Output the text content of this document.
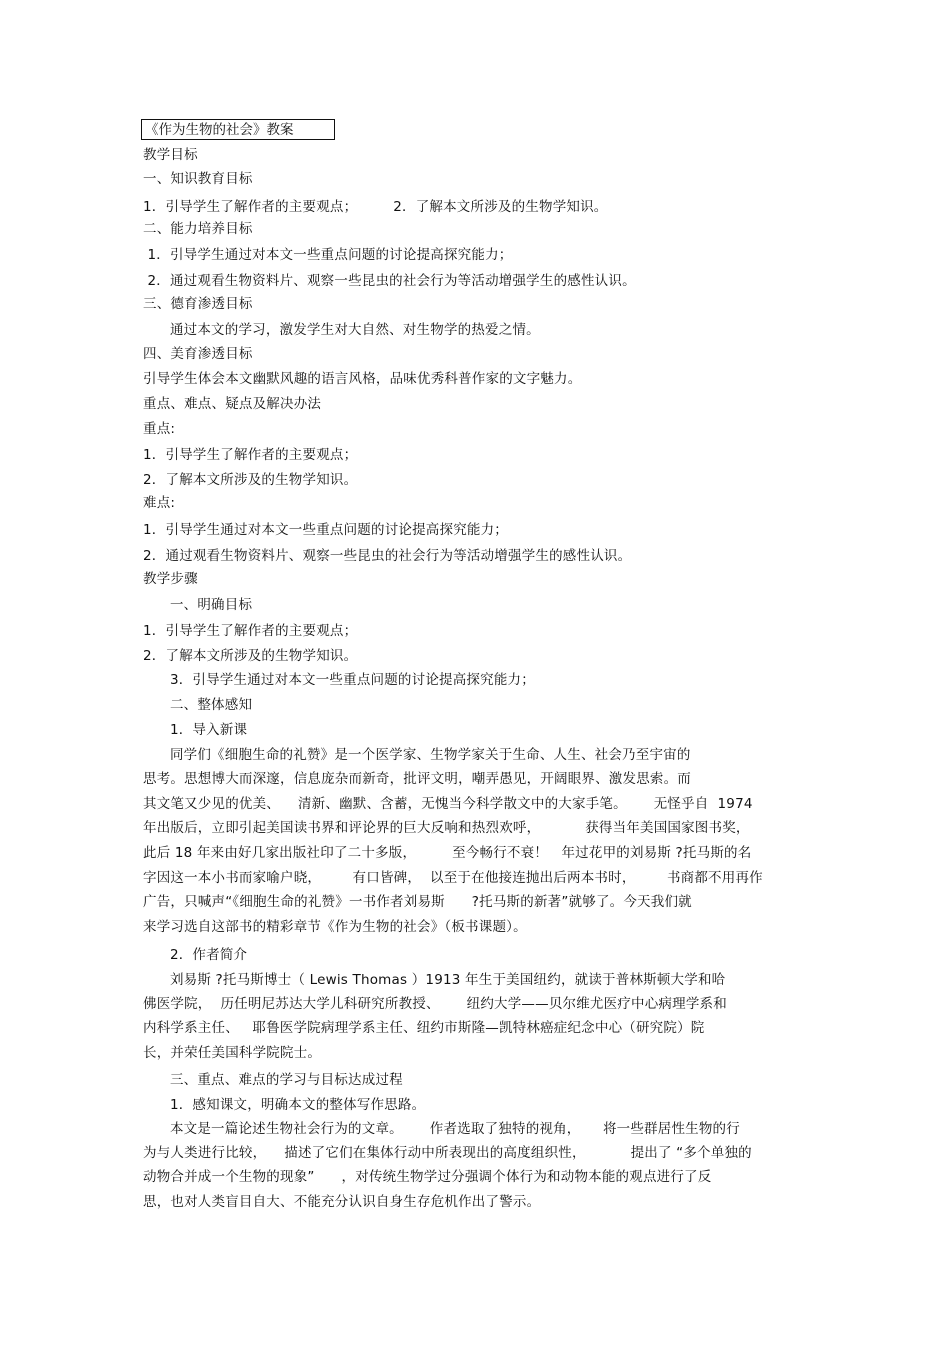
《作为生物的社会》教案
教学目标
一、知识教育目标
1．引导学生了解作者的主要观点；        2．了解本文所涉及的生物学知识。
二、能力培养目标
1．引导学生通过对本文一些重点问题的讨论提高探究能力；
2．通过观看生物资料片、观察一些昆虫的社会行为等活动增强学生的感性认识。
三、德育渗透目标
通过本文的学习，激发学生对大自然、对生物学的热爱之情。
四、美育渗透目标
引导学生体会本文幽默风趣的语言风格，品味优秀科普作家的文字魅力。
重点、难点、疑点及解决办法
重点:
1．引导学生了解作者的主要观点；
2．了解本文所涉及的生物学知识。
难点:
1．引导学生通过对本文一些重点问题的讨论提高探究能力；
2．通过观看生物资料片、观察一些昆虫的社会行为等活动增强学生的感性认识。
教学步骤
一、明确目标
1．引导学生了解作者的主要观点；
2．了解本文所涉及的生物学知识。
3．引导学生通过对本文一些重点问题的讨论提高探究能力；
二、整体感知
1．导入新课
同学们《细胞生命的礼赞》是一个医学家、生物学家关于生命、人生、社会乃至宇宙的
思考。思想博大而深邃，信息庞杂而新奇，批评文明，嘲弄愚见，开阔眼界、激发思索。而
其文笔又少见的优美、    清新、幽默、含蓄，无愧当今科学散文中的大家手笔。      无怪乎自  1974
年出版后，立即引起美国读书界和评论界的巨大反响和热烈欢呼，          获得当年美国国家图书奖，
此后 18 年来由好几家出版社印了二十多版，        至今畅行不衰！   年过花甲的刘易斯 ?托马斯的名
字因这一本小书而家喻户晓，       有口皆碑，  以至于在他接连抛出后两本书时，       书商都不用再作
广告，只喊声“《细胞生命的礼赞》一书作者刘易斯      ?托马斯的新著”就够了。今天我们就
来学习选自这部书的精彩章节《作为生物的社会》（板书课题）。
2．作者简介
刘易斯 ?托马斯博士（ Lewis Thomas ）1913 年生于美国纽约，就读于普林斯顿大学和哈
佛医学院，  历任明尼苏达大学儿科研究所教授、      纽约大学——贝尔维尤医疗中心病理学系和
内科学系主任、   耶鲁医学院病理学系主任、纽约市斯隆—凯特林癌症纪念中心（研究院）院
长，并荣任美国科学院院士。
三、重点、难点的学习与目标达成过程
1．感知课文，明确本文的整体写作思路。
本文是一篇论述生物社会行为的文章。      作者选取了独特的视角，     将一些群居性生物的行
为与人类进行比较，    描述了它们在集体行动中所表现出的高度组织性，          提出了 “多个单独的
动物合并成一个生物的现象”      ，对传统生物学过分强调个体行为和动物本能的观点进行了反
思，也对人类盲目自大、不能充分认识自身生存危机作出了警示。
